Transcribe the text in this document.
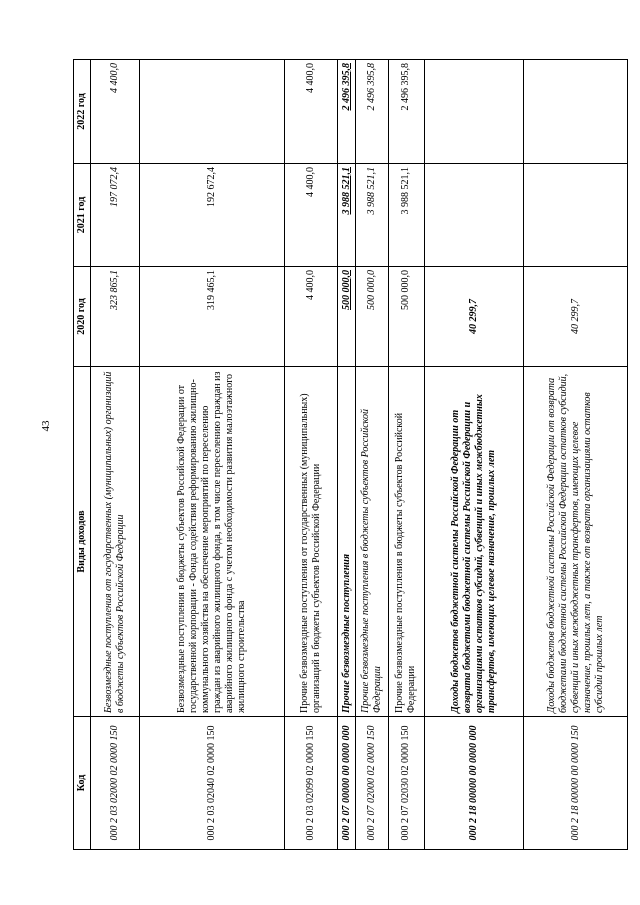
43
Код	Виды доходов	2020 год	2021 год	2022 год
000 2 03 02000 02 0000 150	Безвозмездные поступления от государственных (муниципальных) организаций в бюджеты субъектов Российской Федерации	323 865,1	197 072,4	4 400,0
000 2 03 02040 02 0000 150	Безвозмездные поступления в бюджеты субъектов Российской Федерации от государственной корпорации - Фонда содействия реформированию жилищно-коммунального хозяйства на обеспечение мероприятий по переселению граждан из аварийного жилищного фонда, в том числе переселению граждан из аварийного жилищного фонда с учетом необходимости развития малоэтажного жилищного строительства	319 465,1	192 672,4	
000 2 03 02099 02 0000 150	Прочие безвозмездные поступления от государственных (муниципальных) организаций в бюджеты субъектов Российской Федерации	4 400,0	4 400,0	4 400,0
000 2 07 00000 00 0000 000	Прочие безвозмездные поступления	500 000,0	3 988 521,1	2 496 395,8
000 2 07 02000 02 0000 150	Прочие безвозмездные поступления в бюджеты субъектов Российской Федерации	500 000,0	3 988 521,1	2 496 395,8
000 2 07 02030 02 0000 150	Прочие безвозмездные поступления в бюджеты субъектов Российской Федерации	500 000,0	3 988 521,1	2 496 395,8
000 2 18 00000 00 0000 000	Доходы бюджетов бюджетной системы Российской Федерации от возврата бюджетами бюджетной системы Российской Федерации и организациями остатков субсидий, субвенций и иных межбюджетных трансфертов, имеющих целевое назначение, прошлых лет	40 299,7		
000 2 18 00000 00 0000 150	Доходы бюджетов бюджетной системы Российской Федерации от возврата бюджетами бюджетной системы Российской Федерации остатков субсидий, субвенций и иных межбюджетных трансфертов, имеющих целевое назначение, прошлых лет, а также от возврата организациями остатков субсидий прошлых лет	40 299,7		
